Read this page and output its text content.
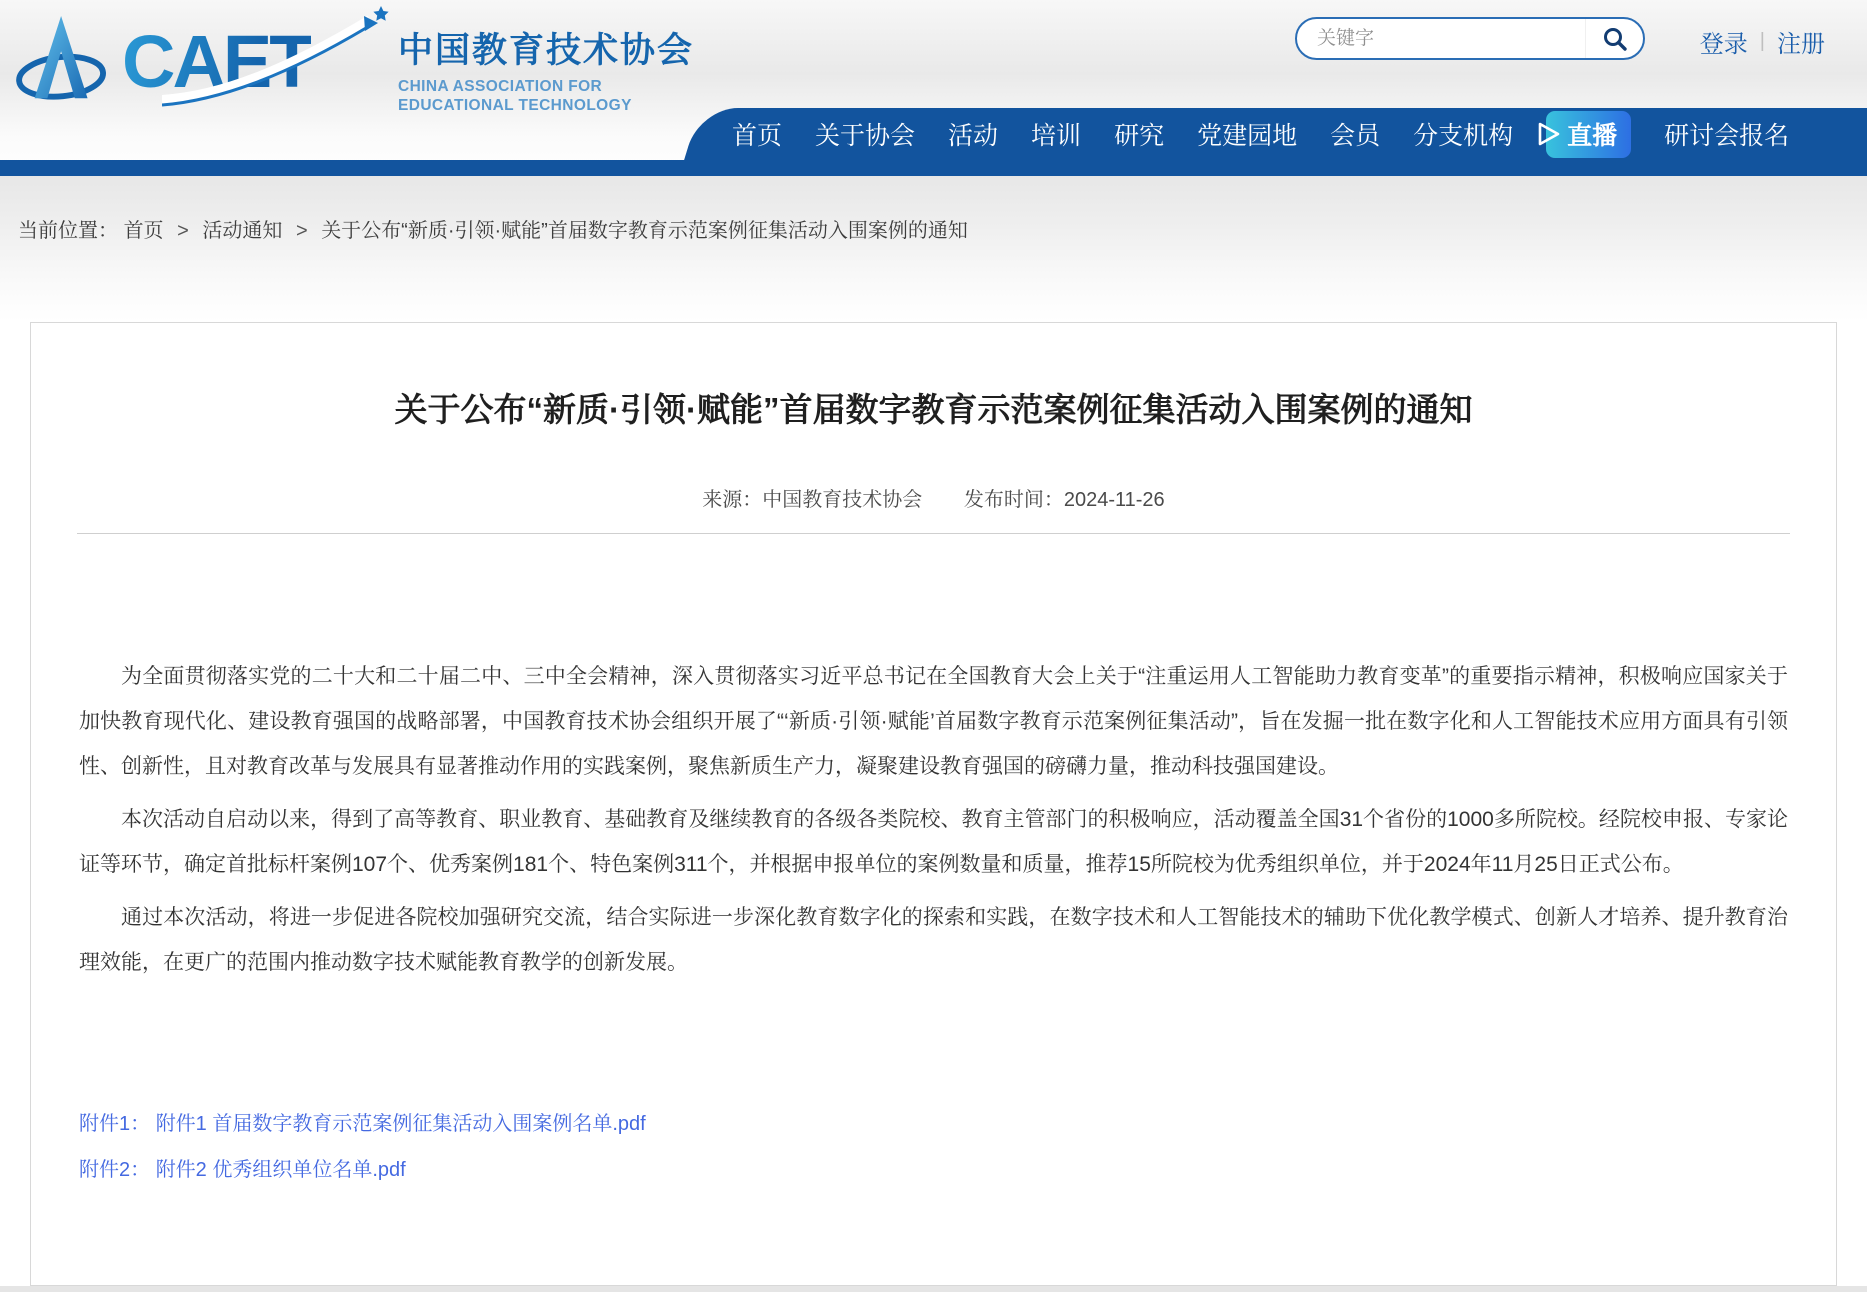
CAET 中国教育技术协会
CHINA ASSOCIATION FOR
EDUCATIONAL TECHNOLOGY
关键字
登录 | 注册
首页 关于协会 活动 培训 研究 党建园地 会员 分支机构 直播 研讨会报名
当前位置： 首页 > 活动通知 > 关于公布“新质·引领·赋能”首届数字教育示范案例征集活动入围案例的通知
关于公布“新质·引领·赋能”首届数字教育示范案例征集活动入围案例的通知
来源：中国教育技术协会 发布时间：2024-11-26

为全面贯彻落实党的二十大和二十届二中、三中全会精神，深入贯彻落实习近平总书记在全国教育大会上关于“注重运用人工智能助力教育变革”的重要指示精神，积极响应国家关于加快教育现代化、建设教育强国的战略部署，中国教育技术协会组织开展了“‘新质·引领·赋能’首届数字教育示范案例征集活动”，旨在发掘一批在数字化和人工智能技术应用方面具有引领性、创新性，且对教育改革与发展具有显著推动作用的实践案例，聚焦新质生产力，凝聚建设教育强国的磅礴力量，推动科技强国建设。

本次活动自启动以来，得到了高等教育、职业教育、基础教育及继续教育的各级各类院校、教育主管部门的积极响应，活动覆盖全国31个省份的1000多所院校。经院校申报、专家论证等环节，确定首批标杆案例107个、优秀案例181个、特色案例311个，并根据申报单位的案例数量和质量，推荐15所院校为优秀组织单位，并于2024年11月25日正式公布。

通过本次活动，将进一步促进各院校加强研究交流，结合实际进一步深化教育数字化的探索和实践，在数字技术和人工智能技术的辅助下优化教学模式、创新人才培养、提升教育治理效能，在更广的范围内推动数字技术赋能教育教学的创新发展。

附件1： 附件1 首届数字教育示范案例征集活动入围案例名单.pdf
附件2： 附件2 优秀组织单位名单.pdf
